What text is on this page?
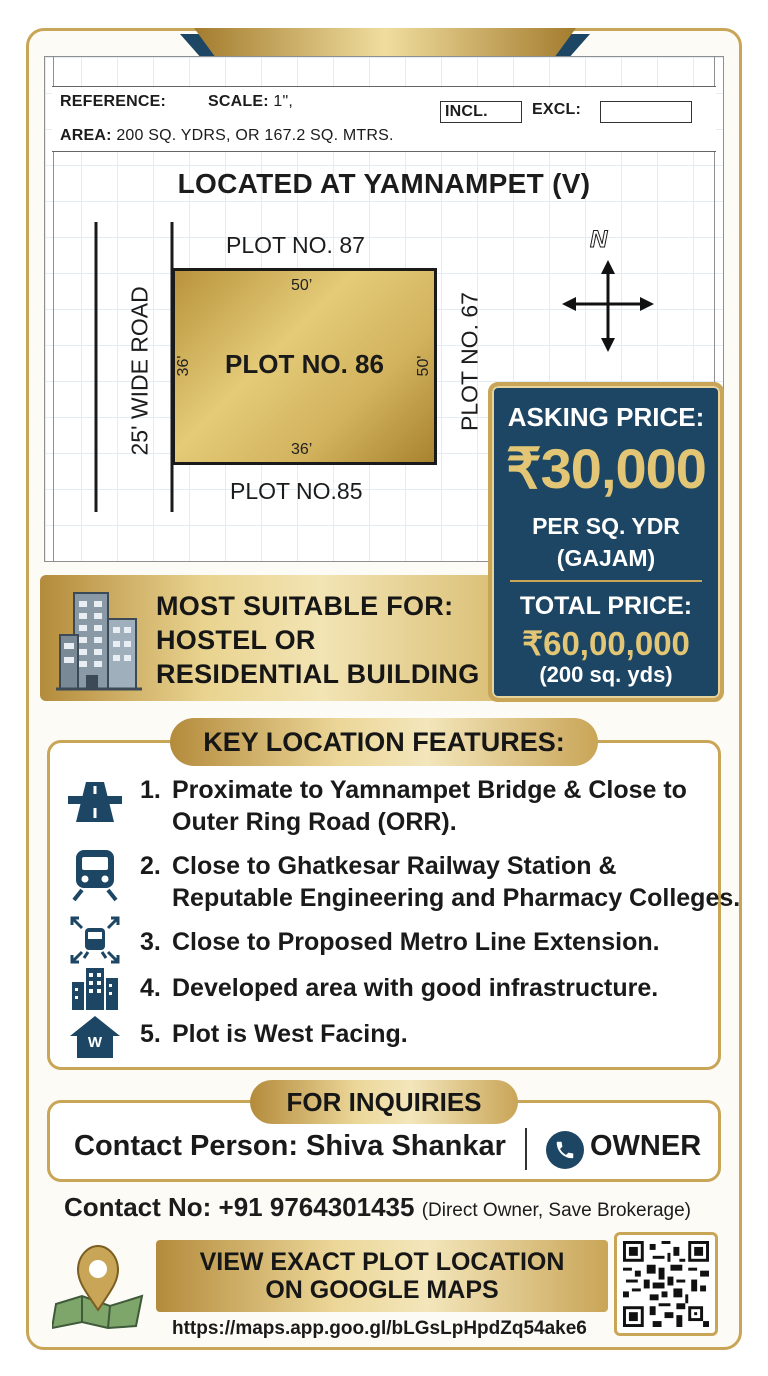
REFERENCE:	SCALE: 1",
INCL.	EXCL:
AREA: 200 SQ. YDRS, OR 167.2 SQ. MTRS.
LOCATED AT YAMNAMPET (V)
25' WIDE ROAD
PLOT NO. 87
PLOT NO. 67
PLOT NO.85
50’
36’
36'	50'
PLOT NO. 86
N
MOST SUITABLE FOR:
HOSTEL OR
RESIDENTIAL BUILDING
ASKING PRICE:
₹30,000
PER SQ. YDR
(GAJAM)
TOTAL PRICE:
₹60,00,000
(200 sq. yds)
KEY LOCATION FEATURES:
1. Proximate to Yamnampet Bridge & Close to
Outer Ring Road (ORR).
2. Close to Ghatkesar Railway Station &
Reputable Engineering and Pharmacy Colleges.
3. Close to Proposed Metro Line Extension.
4. Developed area with good infrastructure.
W	5. Plot is West Facing.
FOR INQUIRIES
Contact Person: Shiva Shankar	OWNER
Contact No: +91 9764301435 (Direct Owner, Save Brokerage)
VIEW EXACT PLOT LOCATION
ON GOOGLE MAPS
https://maps.app.goo.gl/bLGsLpHpdZq54ake6
